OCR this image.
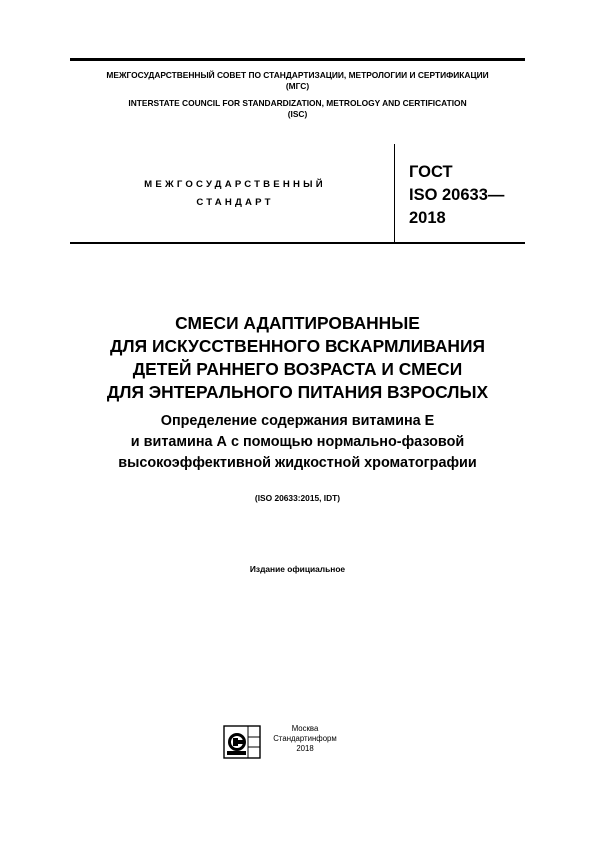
МЕЖГОСУДАРСТВЕННЫЙ СОВЕТ ПО СТАНДАРТИЗАЦИИ, МЕТРОЛОГИИ И СЕРТИФИКАЦИИ
(МГС)
INTERSTATE COUNCIL FOR STANDARDIZATION, METROLOGY AND CERTIFICATION
(ISC)
МЕЖГОСУДАРСТВЕННЫЙ
СТАНДАРТ
ГОСТ
ISO 20633—
2018
СМЕСИ АДАПТИРОВАННЫЕ
ДЛЯ ИСКУССТВЕННОГО ВСКАРМЛИВАНИЯ
ДЕТЕЙ РАННЕГО ВОЗРАСТА И СМЕСИ
ДЛЯ ЭНТЕРАЛЬНОГО ПИТАНИЯ ВЗРОСЛЫХ
Определение содержания витамина Е
и витамина А с помощью нормально-фазовой
высокоэффективной жидкостной хроматографии
(ISO 20633:2015, IDT)
Издание официальное
Москва
Стандартинформ
2018
